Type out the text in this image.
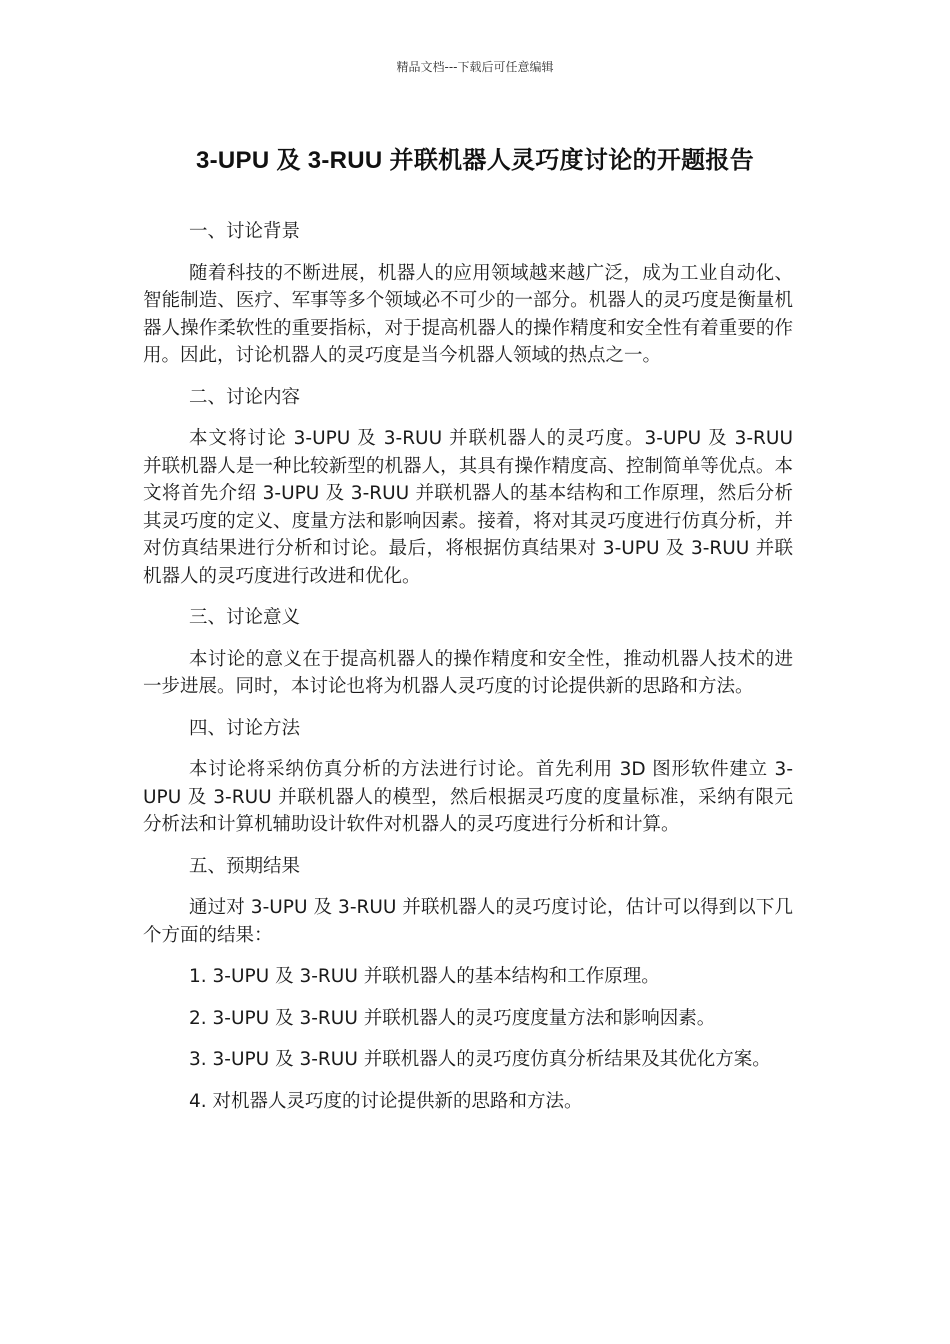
精品文档---下载后可任意编辑
3-UPU 及 3-RUU 并联机器人灵巧度讨论的开题报告

一、讨论背景

随着科技的不断进展，机器人的应用领域越来越广泛，成为工业自动化、智能制造、医疗、军事等多个领域必不可少的一部分。机器人的灵巧度是衡量机器人操作柔软性的重要指标，对于提高机器人的操作精度和安全性有着重要的作用。因此，讨论机器人的灵巧度是当今机器人领域的热点之一。

二、讨论内容

本文将讨论 3-UPU 及 3-RUU 并联机器人的灵巧度。3-UPU 及 3-RUU 并联机器人是一种比较新型的机器人，其具有操作精度高、控制简单等优点。本文将首先介绍 3-UPU 及 3-RUU 并联机器人的基本结构和工作原理，然后分析其灵巧度的定义、度量方法和影响因素。接着，将对其灵巧度进行仿真分析，并对仿真结果进行分析和讨论。最后，将根据仿真结果对 3-UPU 及 3-RUU 并联机器人的灵巧度进行改进和优化。

三、讨论意义

本讨论的意义在于提高机器人的操作精度和安全性，推动机器人技术的进一步进展。同时，本讨论也将为机器人灵巧度的讨论提供新的思路和方法。

四、讨论方法

本讨论将采纳仿真分析的方法进行讨论。首先利用 3D 图形软件建立 3-UPU 及 3-RUU 并联机器人的模型，然后根据灵巧度的度量标准，采纳有限元分析法和计算机辅助设计软件对机器人的灵巧度进行分析和计算。

五、预期结果

通过对 3-UPU 及 3-RUU 并联机器人的灵巧度讨论，估计可以得到以下几个方面的结果：

1. 3-UPU 及 3-RUU 并联机器人的基本结构和工作原理。

2. 3-UPU 及 3-RUU 并联机器人的灵巧度度量方法和影响因素。

3. 3-UPU 及 3-RUU 并联机器人的灵巧度仿真分析结果及其优化方案。

4. 对机器人灵巧度的讨论提供新的思路和方法。
